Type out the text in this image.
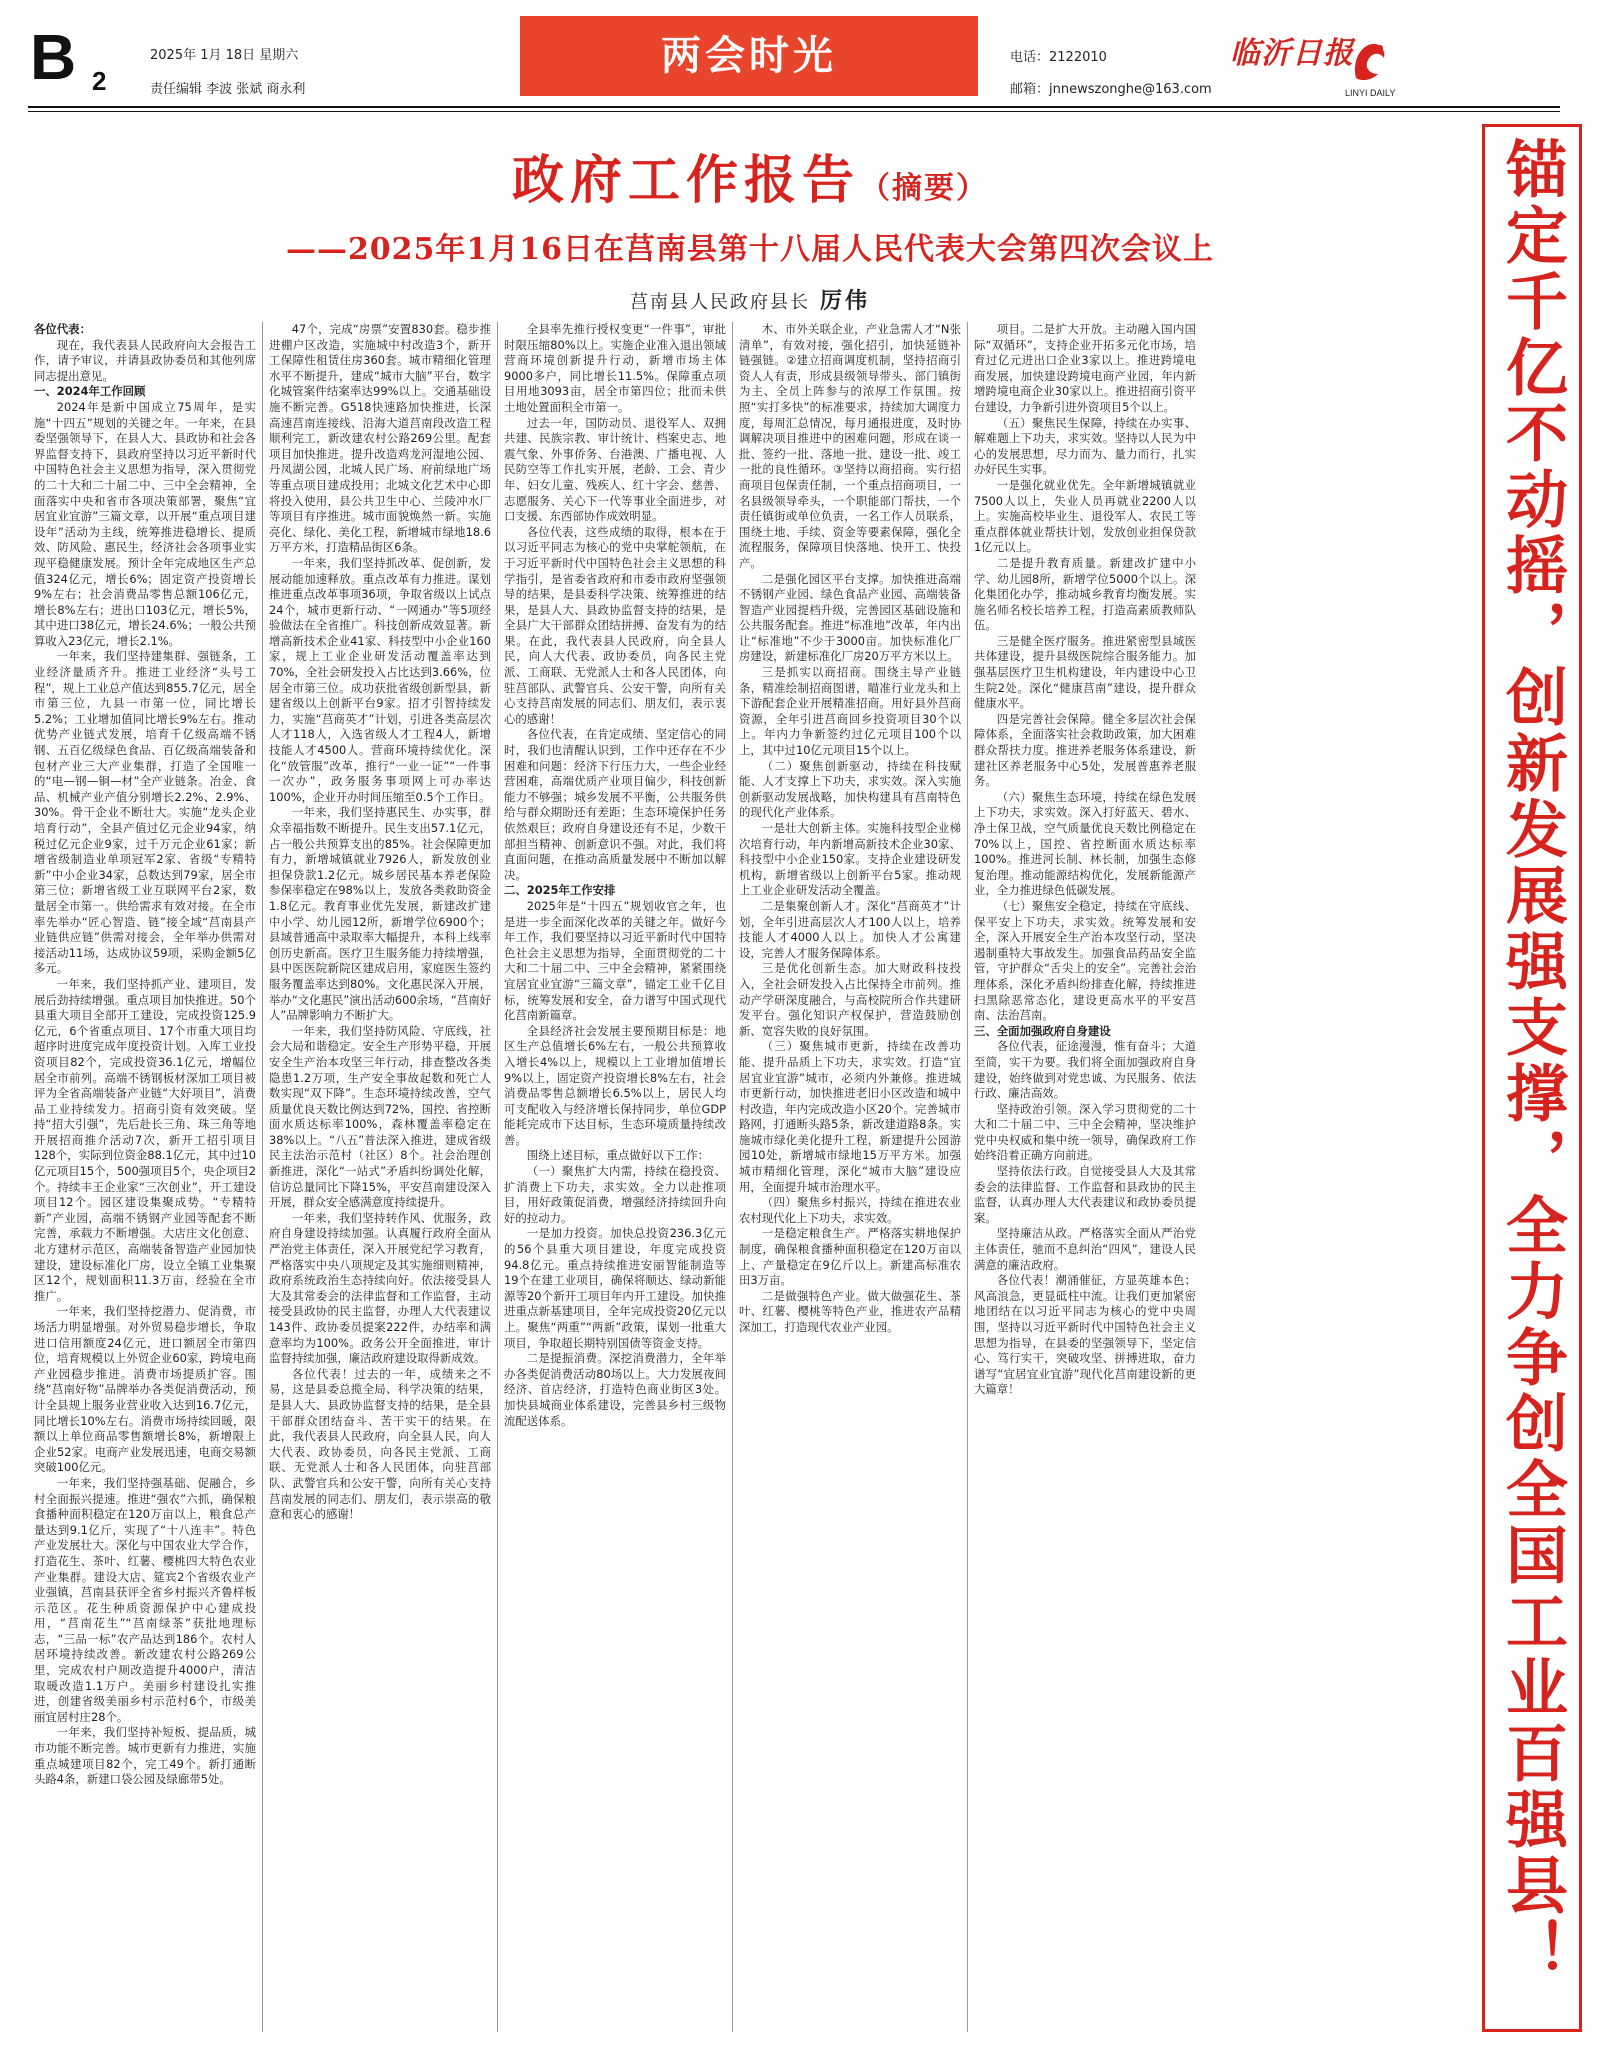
B 2
2025年 1月 18日 星期六
责任编辑 李波 张斌 商永利
两会时光	电话：2122010
邮箱：jnnewszonghe@163.com
临沂日报
LINYI DAILY
锚定千亿不动摇，创新发展强支撑，全力争创全国工业百强县！
政府工作报告（摘要）
——2025年1月16日在莒南县第十八届人民代表大会第四次会议上
莒南县人民政府县长 厉伟

各位代表：

现在，我代表县人民政府向大会报告工作，请予审议，并请县政协委员和其他列席同志提出意见。

一、2024年工作回顾

2024年是新中国成立75周年，是实施“十四五”规划的关键之年。一年来，在县委坚强领导下，在县人大、县政协和社会各界监督支持下，县政府坚持以习近平新时代中国特色社会主义思想为指导，深入贯彻党的二十大和二十届二中、三中全会精神，全面落实中央和省市各项决策部署，聚焦“宜居宜业宜游”三篇文章，以开展“重点项目建设年”活动为主线，统筹推进稳增长、提质效、防风险、惠民生，经济社会各项事业实现平稳健康发展。预计全年完成地区生产总值324亿元，增长6%；固定资产投资增长9%左右；社会消费品零售总额106亿元，增长8%左右；进出口103亿元，增长5%，其中进口38亿元，增长24.6%；一般公共预算收入23亿元，增长2.1%。

一年来，我们坚持建集群、强链条，工业经济量质齐升。推进工业经济“头号工程”，规上工业总产值达到855.7亿元，居全市第三位，九县一市第一位，同比增长5.2%；工业增加值同比增长9%左右。推动优势产业链式发展，培育千亿级高端不锈钢、五百亿级绿色食品、百亿级高端装备和包材产业三大产业集群，打造了全国唯一的“电—钢—铜—材”全产业链条。冶金、食品、机械产业产值分别增长2.2%、2.9%、30%。骨干企业不断壮大。实施“龙头企业培育行动”，全县产值过亿元企业94家，纳税过亿元企业9家，过千万元企业61家；新增省级制造业单项冠军2家、省级“专精特新”中小企业34家，总数达到79家，居全市第三位；新增省级工业互联网平台2家，数量居全市第一。供给需求有效对接。在全市率先举办“匠心智造、链”接全域“莒南县产业链供应链”供需对接会，全年举办供需对接活动11场，达成协议59项，采购金额5亿多元。

一年来，我们坚持抓产业、建项目，发展后劲持续增强。重点项目加快推进。50个县重大项目全部开工建设，完成投资125.9亿元，6个省重点项目、17个市重大项目均超序时进度完成年度投资计划。入库工业投资项目82个，完成投资36.1亿元，增幅位居全市前列。高端不锈钢板材深加工项目被评为全省高端装备产业链“大好项目”，消费品工业持续发力。招商引资有效突破。坚持“招大引强”，先后赴长三角、珠三角等地开展招商推介活动7次，新开工招引项目128个，实际到位资金88.1亿元，其中过10亿元项目15个，500强项目5个，央企项目2个。持续丰王企业家“三次创业”，开工建设项目12个。园区建设集聚成势。“专精特新”产业园，高端不锈钢产业园等配套不断完善，承载力不断增强。大店庄文化创意、北方建材示范区，高端装备智造产业园加快建设，建设标准化厂房，设立全镇工业集聚区12个，规划面积11.3万亩，经验在全市推广。

一年来，我们坚持挖潜力、促消费，市场活力明显增强。对外贸易稳步增长，争取进口信用额度24亿元，进口额居全市第四位，培育规模以上外贸企业60家，跨境电商产业园稳步推进。消费市场提质扩容。围绕“莒南好物”品牌举办各类促消费活动，预计全县规上服务业营业收入达到16.7亿元，同比增长10%左右。消费市场持续回暖，限额以上单位商品零售额增长8%，新增限上企业52家。电商产业发展迅速，电商交易额突破100亿元。

一年来，我们坚持强基础、促融合，乡村全面振兴提速。推进“强农”六抓，确保粮食播种面积稳定在120万亩以上，粮食总产量达到9.1亿斤，实现了“十八连丰”。特色产业发展壮大。深化与中国农业大学合作，打造花生、茶叶、红薯、樱桃四大特色农业产业集群。建设大店、筵宾2个省级农业产业强镇，莒南县获评全省乡村振兴齐鲁样板示范区。花生种质资源保护中心建成投用，“莒南花生”“莒南绿茶”获批地理标志，“三品一标”农产品达到186个。农村人居环境持续改善。新改建农村公路269公里，完成农村户厕改造提升4000户，清洁取暖改造1.1万户。美丽乡村建设扎实推进，创建省级美丽乡村示范村6个，市级美丽宜居村庄28个。

一年来，我们坚持补短板、提品质，城市功能不断完善。城市更新有力推进，实施重点城建项目82个，完工49个。新打通断头路4条，新建口袋公园及绿廊带5处。

47个，完成“房票”安置830套。稳步推进棚户区改造，实施城中村改造3个，新开工保障性租赁住房360套。城市精细化管理水平不断提升，建成“城市大脑”平台，数字化城管案件结案率达99%以上。交通基础设施不断完善。G518快速路加快推进，长深高速莒南连接线、沿海大道莒南段改造工程顺利完工，新改建农村公路269公里。配套项目加快推进。提升改造鸡龙河湿地公园、丹凤湖公园，北城人民广场、府前绿地广场等重点项目建成投用；北城文化艺术中心即将投入使用，县公共卫生中心、兰陵冲水厂等项目有序推进。城市面貌焕然一新。实施亮化、绿化、美化工程，新增城市绿地18.6万平方米，打造精品街区6条。

一年来，我们坚持抓改革、促创新，发展动能加速释放。重点改革有力推进。谋划推进重点改革事项36项，争取省级以上试点24个，城市更新行动、“一网通办”等5项经验做法在全省推广。科技创新成效显著。新增高新技术企业41家、科技型中小企业160家，规上工业企业研发活动覆盖率达到70%，全社会研发投入占比达到3.66%，位居全市第三位。成功获批省级创新型县，新建省级以上创新平台9家。招才引智持续发力，实施“莒商英才”计划，引进各类高层次人才118人，入选省级人才工程4人，新增技能人才4500人。营商环境持续优化。深化“放管服”改革，推行“一业一证”“一件事一次办”，政务服务事项网上可办率达100%，企业开办时间压缩至0.5个工作日。

一年来，我们坚持惠民生、办实事，群众幸福指数不断提升。民生支出57.1亿元，占一般公共预算支出的85%。社会保障更加有力，新增城镇就业7926人，新发放创业担保贷款1.2亿元。城乡居民基本养老保险参保率稳定在98%以上，发放各类救助资金1.8亿元。教育事业优先发展，新建改扩建中小学、幼儿园12所，新增学位6900个；县域普通高中录取率大幅提升，本科上线率创历史新高。医疗卫生服务能力持续增强，县中医医院新院区建成启用，家庭医生签约服务覆盖率达到80%。文化惠民深入开展，举办“文化惠民”演出活动600余场，“莒南好人”品牌影响力不断扩大。

一年来，我们坚持防风险、守底线，社会大局和谐稳定。安全生产形势平稳，开展安全生产治本攻坚三年行动，排查整改各类隐患1.2万项，生产安全事故起数和死亡人数实现“双下降”。生态环境持续改善，空气质量优良天数比例达到72%，国控、省控断面水质达标率100%，森林覆盖率稳定在38%以上。“八五”普法深入推进，建成省级民主法治示范村（社区）8个。社会治理创新推进，深化“一站式”矛盾纠纷调处化解，信访总量同比下降15%，平安莒南建设深入开展，群众安全感满意度持续提升。

一年来，我们坚持转作风、优服务，政府自身建设持续加强。认真履行政府全面从严治党主体责任，深入开展党纪学习教育，严格落实中央八项规定及其实施细则精神，政府系统政治生态持续向好。依法接受县人大及其常委会的法律监督和工作监督，主动接受县政协的民主监督，办理人大代表建议143件、政协委员提案222件，办结率和满意率均为100%。政务公开全面推进，审计监督持续加强，廉洁政府建设取得新成效。

各位代表！过去的一年，成绩来之不易，这是县委总揽全局、科学决策的结果，是县人大、县政协监督支持的结果，是全县干部群众团结奋斗、苦干实干的结果。在此，我代表县人民政府，向全县人民，向人大代表、政协委员，向各民主党派、工商联、无党派人士和各人民团体，向驻莒部队、武警官兵和公安干警，向所有关心支持莒南发展的同志们、朋友们，表示崇高的敬意和衷心的感谢！

全县率先推行授权变更“一件事”，审批时限压缩80%以上。实施企业准入退出领域营商环境创新提升行动，新增市场主体9000多户，同比增长11.5%。保障重点项目用地3093亩，居全市第四位；批而未供土地处置面积全市第一。

过去一年，国防动员、退役军人、双拥共建、民族宗教、审计统计、档案史志、地震气象、外事侨务、台港澳、广播电视、人民防空等工作扎实开展，老龄、工会、青少年、妇女儿童、残疾人、红十字会、慈善、志愿服务、关心下一代等事业全面进步，对口支援、东西部协作成效明显。

各位代表，这些成绩的取得，根本在于以习近平同志为核心的党中央掌舵领航，在于习近平新时代中国特色社会主义思想的科学指引，是省委省政府和市委市政府坚强领导的结果，是县委科学决策、统筹推进的结果，是县人大、县政协监督支持的结果，是全县广大干部群众团结拼搏、奋发有为的结果。在此，我代表县人民政府，向全县人民，向人大代表、政协委员，向各民主党派、工商联、无党派人士和各人民团体，向驻莒部队、武警官兵、公安干警，向所有关心支持莒南发展的同志们、朋友们，表示衷心的感谢！

各位代表，在肯定成绩、坚定信心的同时，我们也清醒认识到，工作中还存在不少困难和问题：经济下行压力大，一些企业经营困难，高端优质产业项目偏少，科技创新能力不够强；城乡发展不平衡，公共服务供给与群众期盼还有差距；生态环境保护任务依然艰巨；政府自身建设还有不足，少数干部担当精神、创新意识不强。对此，我们将直面问题，在推动高质量发展中不断加以解决。

二、2025年工作安排

2025年是“十四五”规划收官之年，也是进一步全面深化改革的关键之年。做好今年工作，我们要坚持以习近平新时代中国特色社会主义思想为指导，全面贯彻党的二十大和二十届二中、三中全会精神，紧紧围绕宜居宜业宜游“三篇文章”，锚定工业千亿目标，统筹发展和安全，奋力谱写中国式现代化莒南新篇章。

全县经济社会发展主要预期目标是：地区生产总值增长6%左右，一般公共预算收入增长4%以上，规模以上工业增加值增长9%以上，固定资产投资增长8%左右，社会消费品零售总额增长6.5%以上，居民人均可支配收入与经济增长保持同步，单位GDP能耗完成市下达目标，生态环境质量持续改善。

围绕上述目标，重点做好以下工作：

（一）聚焦扩大内需，持续在稳投资、扩消费上下功夫，求实效。全力以赴推项目，用好政策促消费，增强经济持续回升向好的拉动力。

一是加力投资。加快总投资236.3亿元的56个县重大项目建设，年度完成投资94.8亿元。重点持续推进安丽智能制造等19个在建工业项目，确保将顺达、绿动新能源等20个新开工项目年内开工建设。加快推进重点新基建项目，全年完成投资20亿元以上。聚焦“两重”“两新”政策，谋划一批重大项目，争取超长期特别国债等资金支持。

二是提振消费。深挖消费潜力，全年举办各类促消费活动80场以上。大力发展夜间经济、首店经济，打造特色商业街区3处。加快县城商业体系建设，完善县乡村三级物流配送体系。

木、市外关联企业，产业急需人才“N张清单”，有效对接，强化招引，加快延链补链强链。②建立招商调度机制，坚持招商引资人人有责，形成县级领导带头、部门镇街为主、全员上阵参与的浓厚工作氛围。按照“实打多快”的标准要求，持续加大调度力度，每周汇总情况，每月通报进度，及时协调解决项目推进中的困难问题，形成在谈一批、签约一批、落地一批、建设一批、竣工一批的良性循环。③坚持以商招商。实行招商项目包保责任制，一个重点招商项目，一名县级领导牵头，一个职能部门帮扶，一个责任镇街或单位负责，一名工作人员联系，围绕土地、手续、资金等要素保障，强化全流程服务，保障项目快落地、快开工、快投产。

二是强化园区平台支撑。加快推进高端不锈钢产业园、绿色食品产业园、高端装备智造产业园提档升级，完善园区基础设施和公共服务配套。推进“标准地”改革，年内出让“标准地”不少于3000亩。加快标准化厂房建设，新建标准化厂房20万平方米以上。

三是抓实以商招商。围绕主导产业链条，精准绘制招商图谱，瞄准行业龙头和上下游配套企业开展精准招商。用好县外莒商资源，全年引进莒商回乡投资项目30个以上。年内力争新签约过亿元项目100个以上，其中过10亿元项目15个以上。

（二）聚焦创新驱动，持续在科技赋能、人才支撑上下功夫，求实效。深入实施创新驱动发展战略，加快构建具有莒南特色的现代化产业体系。

一是壮大创新主体。实施科技型企业梯次培育行动，年内新增高新技术企业30家、科技型中小企业150家。支持企业建设研发机构，新增省级以上创新平台5家。推动规上工业企业研发活动全覆盖。

二是集聚创新人才。深化“莒商英才”计划，全年引进高层次人才100人以上，培养技能人才4000人以上。加快人才公寓建设，完善人才服务保障体系。

三是优化创新生态。加大财政科技投入，全社会研发投入占比保持全市前列。推动产学研深度融合，与高校院所合作共建研发平台。强化知识产权保护，营造鼓励创新、宽容失败的良好氛围。

（三）聚焦城市更新，持续在改善功能、提升品质上下功夫，求实效。打造“宜居宜业宜游”城市，必须内外兼修。推进城市更新行动，加快推进老旧小区改造和城中村改造，年内完成改造小区20个。完善城市路网，打通断头路5条，新改建道路8条。实施城市绿化美化提升工程，新建提升公园游园10处，新增城市绿地15万平方米。加强城市精细化管理，深化“城市大脑”建设应用，全面提升城市治理水平。

（四）聚焦乡村振兴，持续在推进农业农村现代化上下功夫，求实效。

一是稳定粮食生产。严格落实耕地保护制度，确保粮食播种面积稳定在120万亩以上、产量稳定在9亿斤以上。新建高标准农田3万亩。

二是做强特色产业。做大做强花生、茶叶、红薯、樱桃等特色产业，推进农产品精深加工，打造现代农业产业园。

项目。二是扩大开放。主动融入国内国际“双循环”，支持企业开拓多元化市场，培育过亿元进出口企业3家以上。推进跨境电商发展，加快建设跨境电商产业园，年内新增跨境电商企业30家以上。推进招商引资平台建设，力争新引进外资项目5个以上。

（五）聚焦民生保障，持续在办实事、解难题上下功夫，求实效。坚持以人民为中心的发展思想，尽力而为、量力而行，扎实办好民生实事。

一是强化就业优先。全年新增城镇就业7500人以上，失业人员再就业2200人以上。实施高校毕业生、退役军人、农民工等重点群体就业帮扶计划，发放创业担保贷款1亿元以上。

二是提升教育质量。新建改扩建中小学、幼儿园8所，新增学位5000个以上。深化集团化办学，推动城乡教育均衡发展。实施名师名校长培养工程，打造高素质教师队伍。

三是健全医疗服务。推进紧密型县域医共体建设，提升县级医院综合服务能力。加强基层医疗卫生机构建设，年内建设中心卫生院2处。深化“健康莒南”建设，提升群众健康水平。

四是完善社会保障。健全多层次社会保障体系，全面落实社会救助政策，加大困难群众帮扶力度。推进养老服务体系建设，新建社区养老服务中心5处，发展普惠养老服务。

（六）聚焦生态环境，持续在绿色发展上下功夫，求实效。深入打好蓝天、碧水、净土保卫战，空气质量优良天数比例稳定在70%以上，国控、省控断面水质达标率100%。推进河长制、林长制，加强生态修复治理。推动能源结构优化，发展新能源产业，全力推进绿色低碳发展。

（七）聚焦安全稳定，持续在守底线、保平安上下功夫，求实效。统筹发展和安全，深入开展安全生产治本攻坚行动，坚决遏制重特大事故发生。加强食品药品安全监管，守护群众“舌尖上的安全”。完善社会治理体系，深化矛盾纠纷排查化解，持续推进扫黑除恶常态化，建设更高水平的平安莒南、法治莒南。

三、全面加强政府自身建设

各位代表，征途漫漫，惟有奋斗；大道至简，实干为要。我们将全面加强政府自身建设，始终做到对党忠诚、为民服务、依法行政、廉洁高效。

坚持政治引领。深入学习贯彻党的二十大和二十届二中、三中全会精神，坚决维护党中央权威和集中统一领导，确保政府工作始终沿着正确方向前进。

坚持依法行政。自觉接受县人大及其常委会的法律监督、工作监督和县政协的民主监督，认真办理人大代表建议和政协委员提案。

坚持廉洁从政。严格落实全面从严治党主体责任，驰而不息纠治“四风”，建设人民满意的廉洁政府。

各位代表！潮涌催征，方显英雄本色；风高浪急，更显砥柱中流。让我们更加紧密地团结在以习近平同志为核心的党中央周围，坚持以习近平新时代中国特色社会主义思想为指导，在县委的坚强领导下，坚定信心、笃行实干，突破攻坚、拼搏进取，奋力谱写“宜居宜业宜游”现代化莒南建设新的更大篇章！
